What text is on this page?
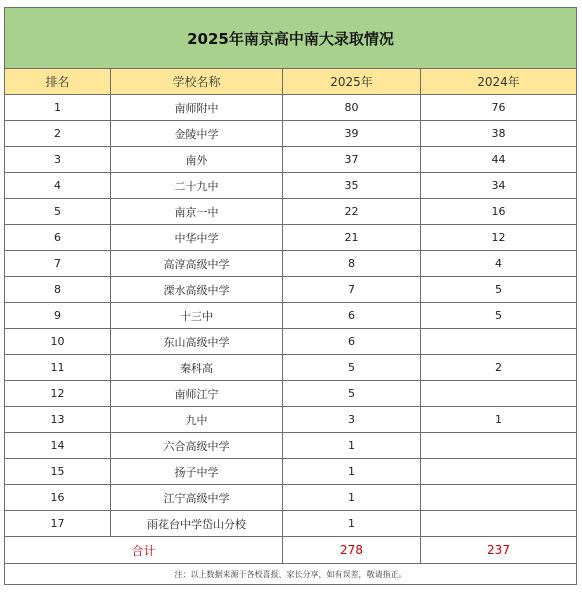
2025年南京高中南大录取情况			
排名	学校名称	2025年	2024年
1	南师附中	80	76
2	金陵中学	39	38
3	南外	37	44
4	二十九中	35	34
5	南京一中	22	16
6	中华中学	21	12
7	高淳高级中学	8	4
8	溧水高级中学	7	5
9	十三中	6	5
10	东山高级中学	6	
11	秦科高	5	2
12	南师江宁	5	
13	九中	3	1
14	六合高级中学	1	
15	扬子中学	1	
16	江宁高级中学	1	
17	雨花台中学岱山分校	1	
合计		278	237
注：以上数据来源于各校喜报、家长分享，如有误差，敬请指正。			
